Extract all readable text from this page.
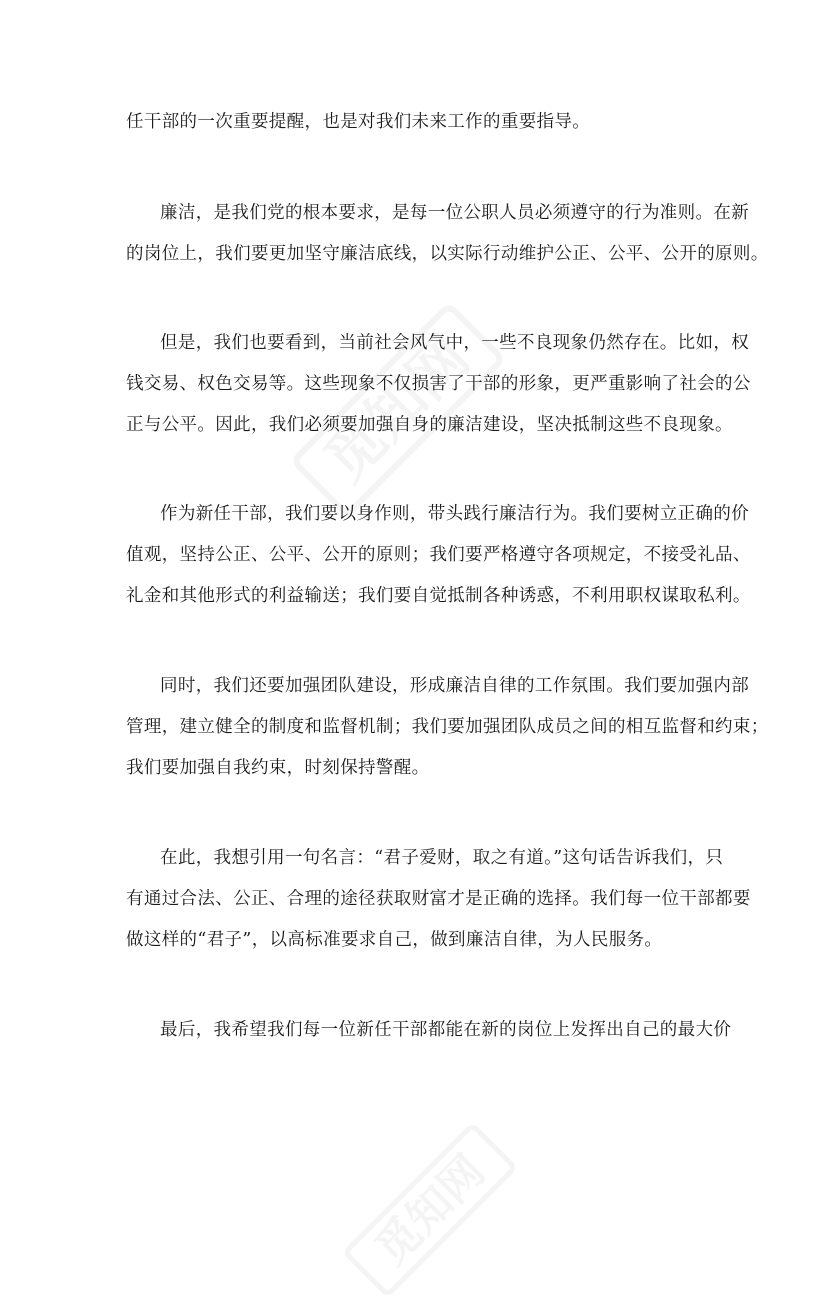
觅知网
觅知网
任干部的一次重要提醒，也是对我们未来工作的重要指导。
廉洁，是我们党的根本要求，是每一位公职人员必须遵守的行为准则。在新
的岗位上，我们要更加坚守廉洁底线，以实际行动维护公正、公平、公开的原则。
但是，我们也要看到，当前社会风气中，一些不良现象仍然存在。比如，权
钱交易、权色交易等。这些现象不仅损害了干部的形象，更严重影响了社会的公
正与公平。因此，我们必须要加强自身的廉洁建设，坚决抵制这些不良现象。
作为新任干部，我们要以身作则，带头践行廉洁行为。我们要树立正确的价
值观，坚持公正、公平、公开的原则；我们要严格遵守各项规定，不接受礼品、
礼金和其他形式的利益输送；我们要自觉抵制各种诱惑，不利用职权谋取私利。
同时，我们还要加强团队建设，形成廉洁自律的工作氛围。我们要加强内部
管理，建立健全的制度和监督机制；我们要加强团队成员之间的相互监督和约束；
我们要加强自我约束，时刻保持警醒。
在此，我想引用一句名言：“君子爱财，取之有道。”这句话告诉我们，只
有通过合法、公正、合理的途径获取财富才是正确的选择。我们每一位干部都要
做这样的“君子”，以高标准要求自己，做到廉洁自律，为人民服务。
最后，我希望我们每一位新任干部都能在新的岗位上发挥出自己的最大价
